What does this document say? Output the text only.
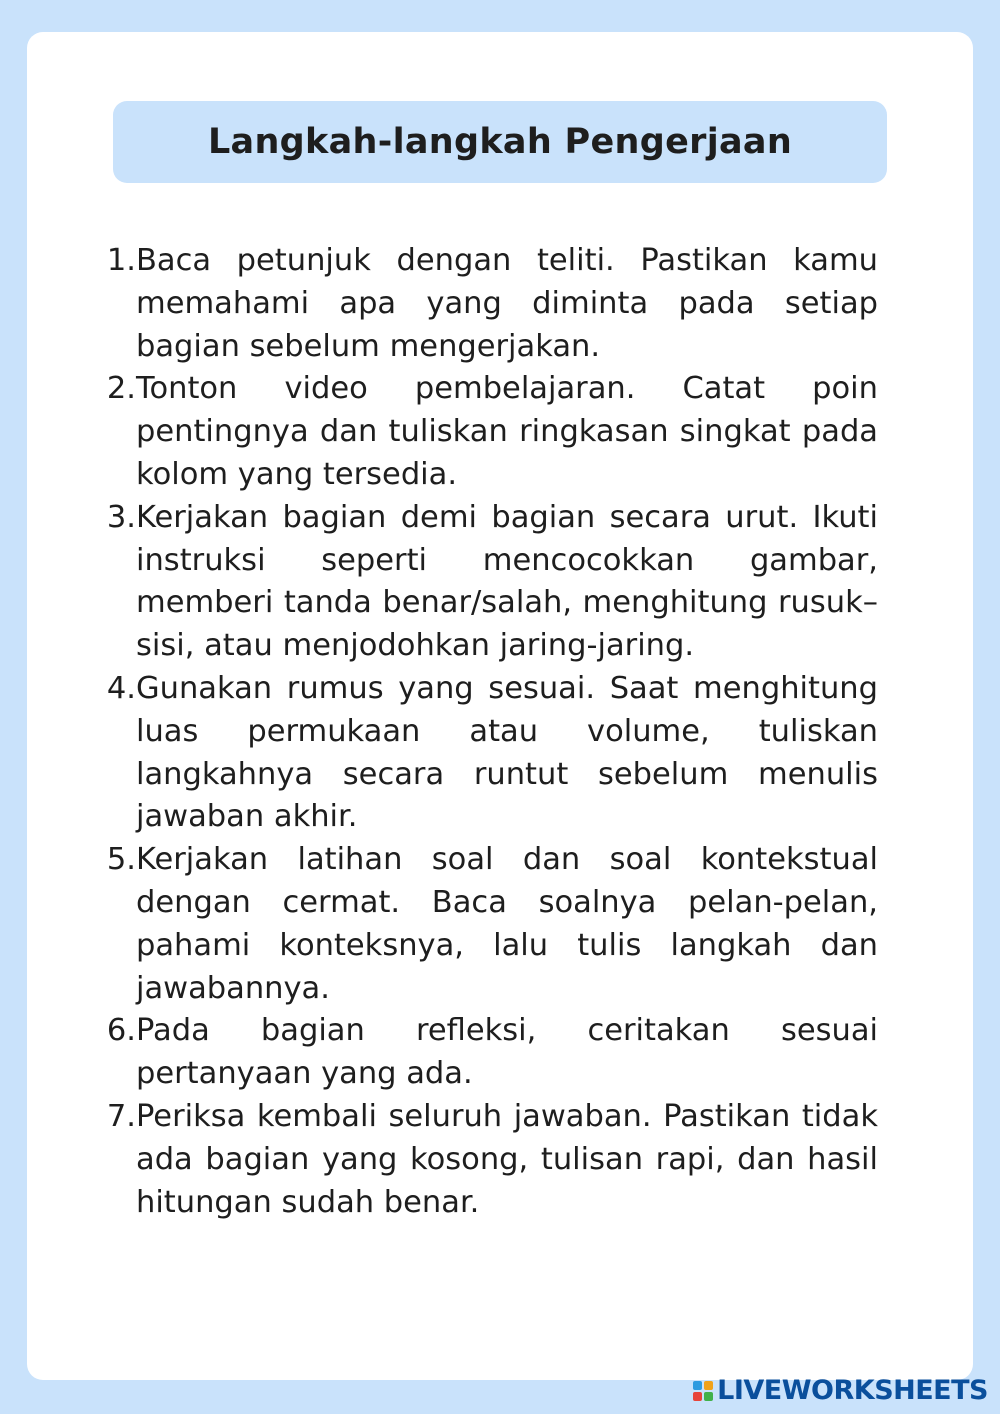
Langkah-langkah Pengerjaan
1. Baca petunjuk dengan teliti. Pastikan kamu memahami apa yang diminta pada setiap bagian sebelum mengerjakan.

2. Tonton video pembelajaran. Catat poin pentingnya dan tuliskan ringkasan singkat pada kolom yang tersedia.

3. Kerjakan bagian demi bagian secara urut. Ikuti instruksi seperti mencocokkan gambar, memberi tanda benar/salah, menghitung rusuk–sisi, atau menjodohkan jaring-jaring.

4. Gunakan rumus yang sesuai. Saat menghitung luas permukaan atau volume, tuliskan langkahnya secara runtut sebelum menulis jawaban akhir.

5. Kerjakan latihan soal dan soal kontekstual dengan cermat. Baca soalnya pelan-pelan, pahami konteksnya, lalu tulis langkah dan jawabannya.

6. Pada bagian refleksi, ceritakan sesuai pertanyaan yang ada.

7. Periksa kembali seluruh jawaban. Pastikan tidak ada bagian yang kosong, tulisan rapi, dan hasil hitungan sudah benar.

LIVEWORKSHEETS
